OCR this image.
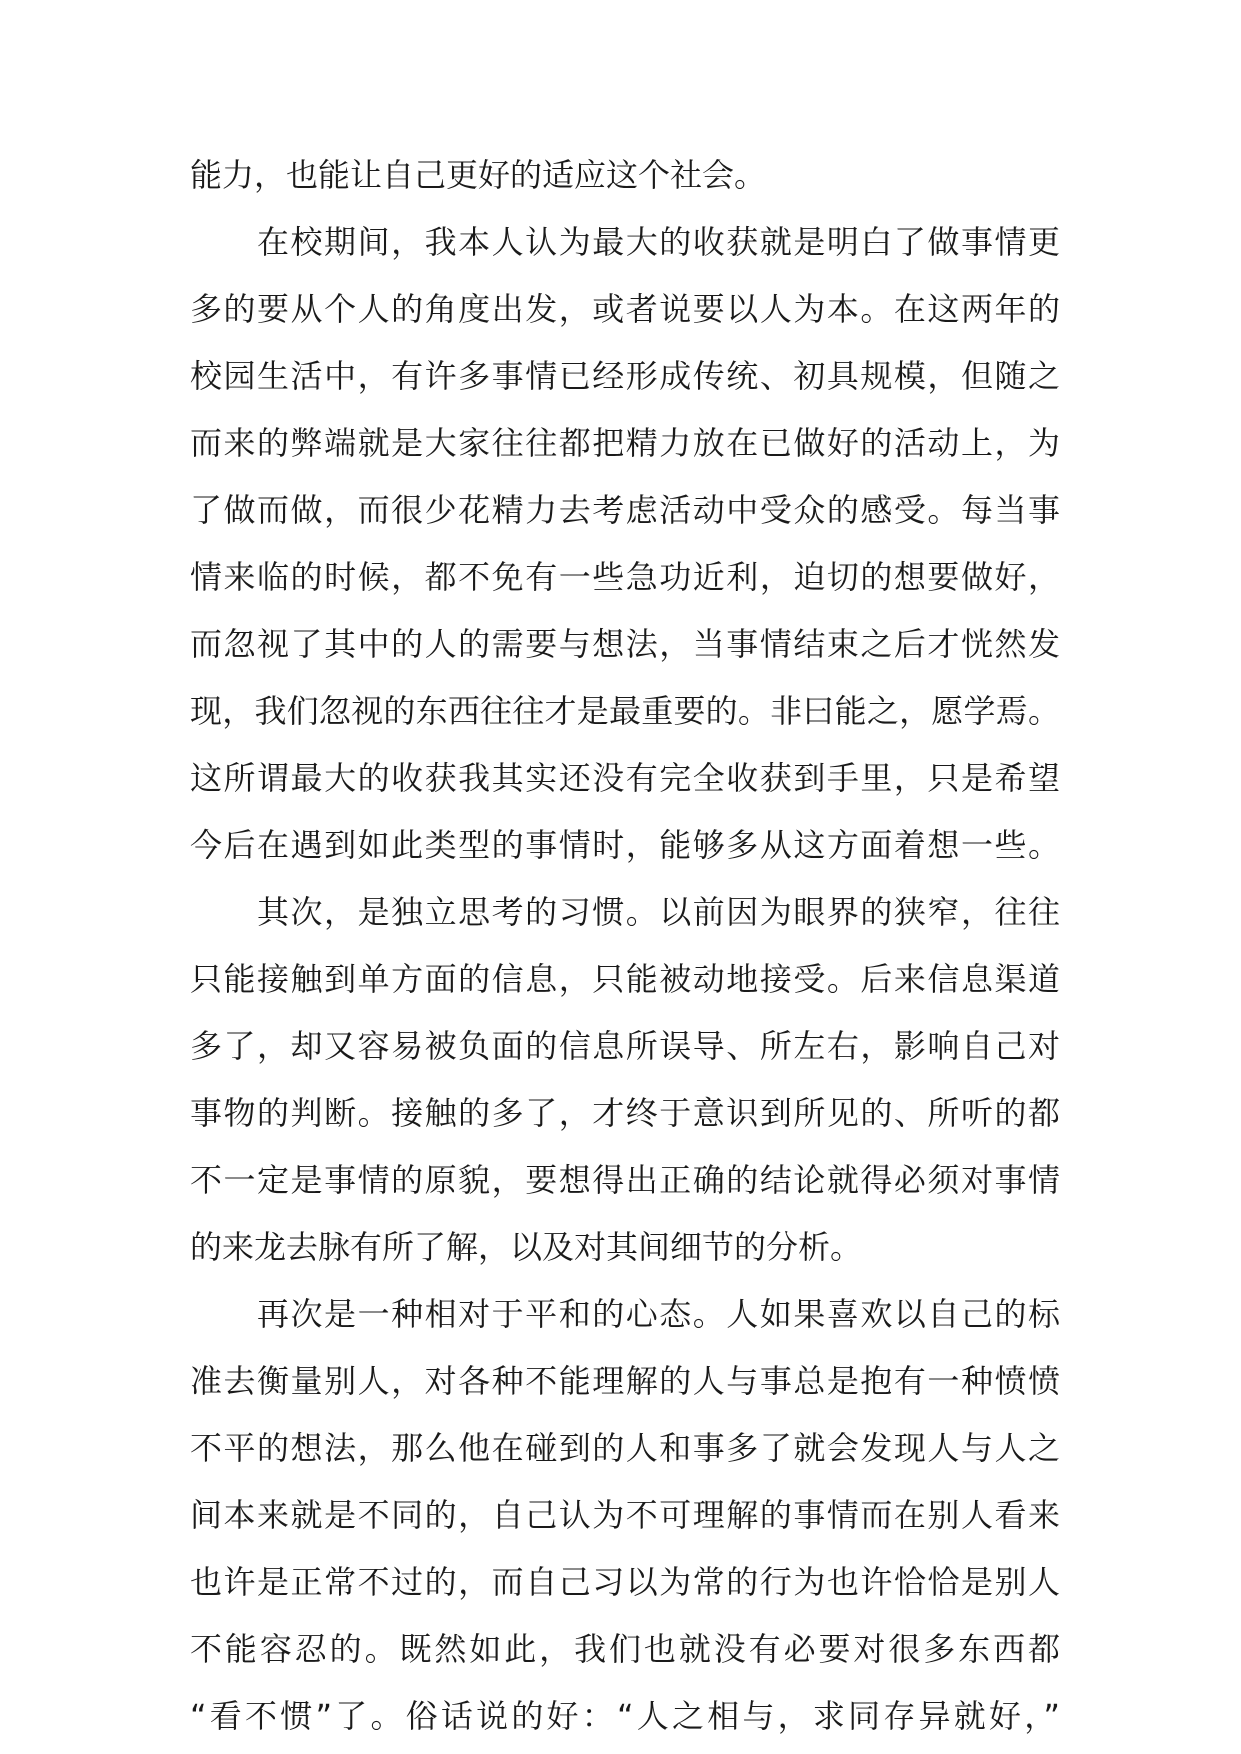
能力，也能让自己更好的适应这个社会。
在校期间，我本人认为最大的收获就是明白了做事情更
多的要从个人的角度出发，或者说要以人为本。在这两年的
校园生活中，有许多事情已经形成传统、初具规模，但随之
而来的弊端就是大家往往都把精力放在已做好的活动上，为
了做而做，而很少花精力去考虑活动中受众的感受。每当事
情来临的时候，都不免有一些急功近利，迫切的想要做好，
而忽视了其中的人的需要与想法，当事情结束之后才恍然发
现，我们忽视的东西往往才是最重要的。非曰能之，愿学焉。
这所谓最大的收获我其实还没有完全收获到手里，只是希望
今后在遇到如此类型的事情时，能够多从这方面着想一些。
其次，是独立思考的习惯。以前因为眼界的狭窄，往往
只能接触到单方面的信息，只能被动地接受。后来信息渠道
多了，却又容易被负面的信息所误导、所左右，影响自己对
事物的判断。接触的多了，才终于意识到所见的、所听的都
不一定是事情的原貌，要想得出正确的结论就得必须对事情
的来龙去脉有所了解，以及对其间细节的分析。
再次是一种相对于平和的心态。人如果喜欢以自己的标
准去衡量别人，对各种不能理解的人与事总是抱有一种愤愤
不平的想法，那么他在碰到的人和事多了就会发现人与人之
间本来就是不同的，自己认为不可理解的事情而在别人看来
也许是正常不过的，而自己习以为常的行为也许恰恰是别人
不能容忍的。既然如此，我们也就没有必要对很多东西都
“看不惯”了。俗话说的好：“人之相与，求同存异就好，”
